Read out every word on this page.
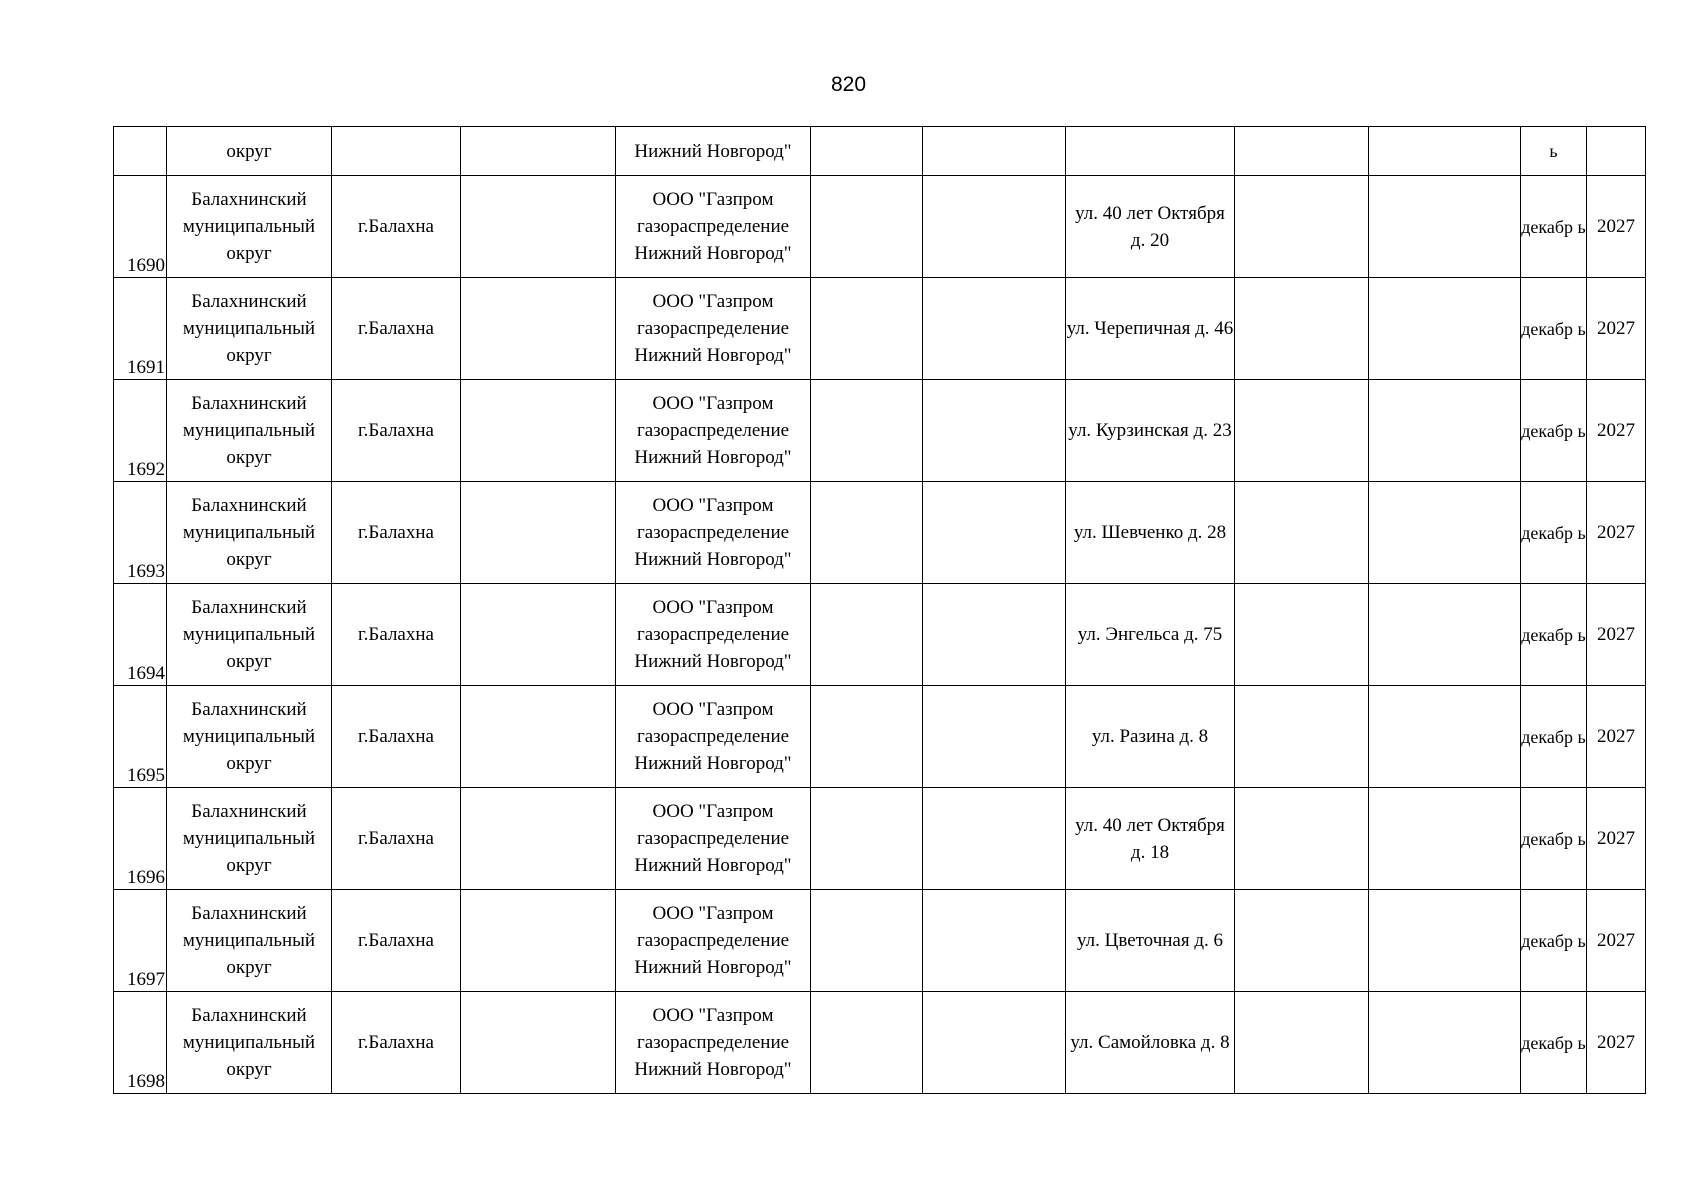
820

	округ			Нижний Новгород"						ь	

1690	Балахнинский муниципальный округ	г.Балахна		ООО "Газпром газораспределение Нижний Новгород"			ул. 40 лет Октября д. 20			декабр ь	2027

1691	Балахнинский муниципальный округ	г.Балахна		ООО "Газпром газораспределение Нижний Новгород"			ул. Черепичная д. 46			декабр ь	2027

1692	Балахнинский муниципальный округ	г.Балахна		ООО "Газпром газораспределение Нижний Новгород"			ул. Курзинская д. 23			декабр ь	2027

1693	Балахнинский муниципальный округ	г.Балахна		ООО "Газпром газораспределение Нижний Новгород"			ул. Шевченко д. 28			декабр ь	2027

1694	Балахнинский муниципальный округ	г.Балахна		ООО "Газпром газораспределение Нижний Новгород"			ул. Энгельса д. 75			декабр ь	2027

1695	Балахнинский муниципальный округ	г.Балахна		ООО "Газпром газораспределение Нижний Новгород"			ул. Разина д. 8			декабр ь	2027

1696	Балахнинский муниципальный округ	г.Балахна		ООО "Газпром газораспределение Нижний Новгород"			ул. 40 лет Октября д. 18			декабр ь	2027

1697	Балахнинский муниципальный округ	г.Балахна		ООО "Газпром газораспределение Нижний Новгород"			ул. Цветочная д. 6			декабр ь	2027

1698	Балахнинский муниципальный округ	г.Балахна		ООО "Газпром газораспределение Нижний Новгород"			ул. Самойловка д. 8			декабр ь	2027
